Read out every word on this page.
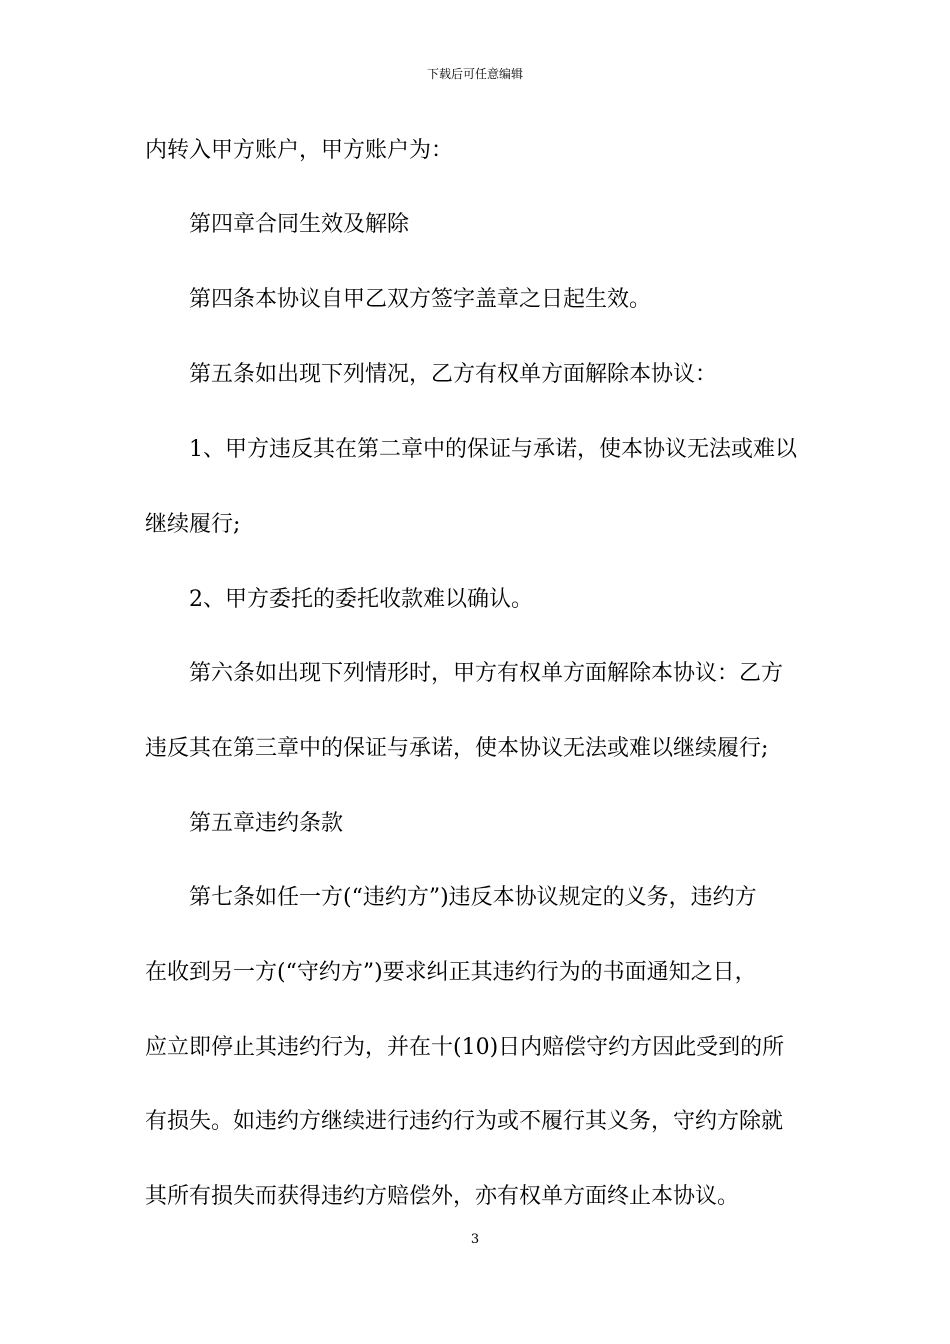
下载后可任意编辑
内转入甲方账户，甲方账户为：
第四章合同生效及解除
第四条本协议自甲乙双方签字盖章之日起生效。
第五条如出现下列情况，乙方有权单方面解除本协议：
1、甲方违反其在第二章中的保证与承诺，使本协议无法或难以
继续履行;
2、甲方委托的委托收款难以确认。
第六条如出现下列情形时，甲方有权单方面解除本协议：乙方
违反其在第三章中的保证与承诺，使本协议无法或难以继续履行;
第五章违约条款
第七条如任一方(“违约方”)违反本协议规定的义务，违约方
在收到另一方(“守约方”)要求纠正其违约行为的书面通知之日，
应立即停止其违约行为，并在十(10)日内赔偿守约方因此受到的所
有损失。如违约方继续进行违约行为或不履行其义务，守约方除就
其所有损失而获得违约方赔偿外，亦有权单方面终止本协议。
3
